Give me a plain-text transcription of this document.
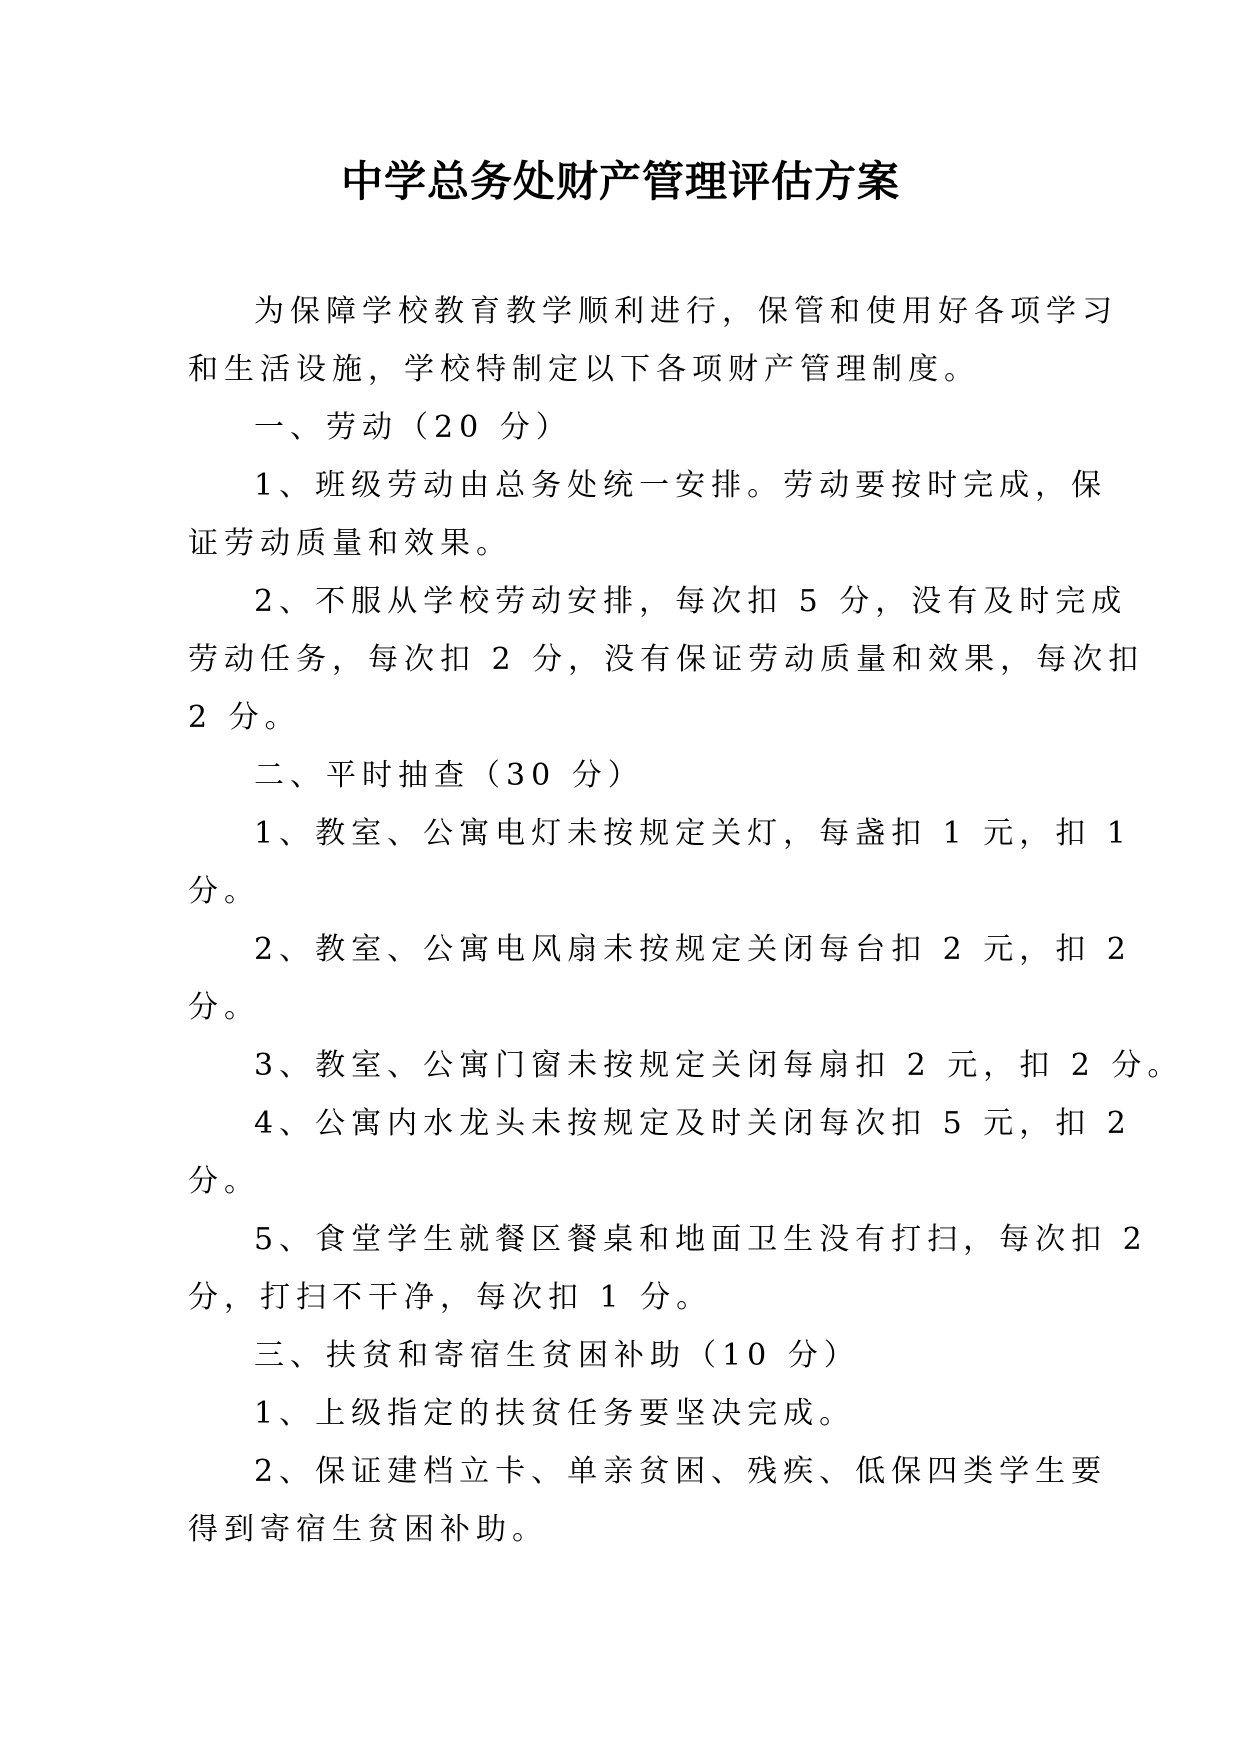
中学总务处财产管理评估方案
为保障学校教育教学顺利进行，保管和使用好各项学习
和生活设施，学校特制定以下各项财产管理制度。
一、劳动（20 分）
1、班级劳动由总务处统一安排。劳动要按时完成，保
证劳动质量和效果。
2、不服从学校劳动安排，每次扣 5 分，没有及时完成
劳动任务，每次扣 2 分，没有保证劳动质量和效果，每次扣
2 分。
二、平时抽查（30 分）
1、教室、公寓电灯未按规定关灯，每盏扣 1 元，扣 1
分。
2、教室、公寓电风扇未按规定关闭每台扣 2 元，扣 2
分。
3、教室、公寓门窗未按规定关闭每扇扣 2 元，扣 2 分。
4、公寓内水龙头未按规定及时关闭每次扣 5 元，扣 2
分。
5、食堂学生就餐区餐桌和地面卫生没有打扫，每次扣 2
分，打扫不干净，每次扣 1 分。
三、扶贫和寄宿生贫困补助（10 分）
1、上级指定的扶贫任务要坚决完成。
2、保证建档立卡、单亲贫困、残疾、低保四类学生要
得到寄宿生贫困补助。
